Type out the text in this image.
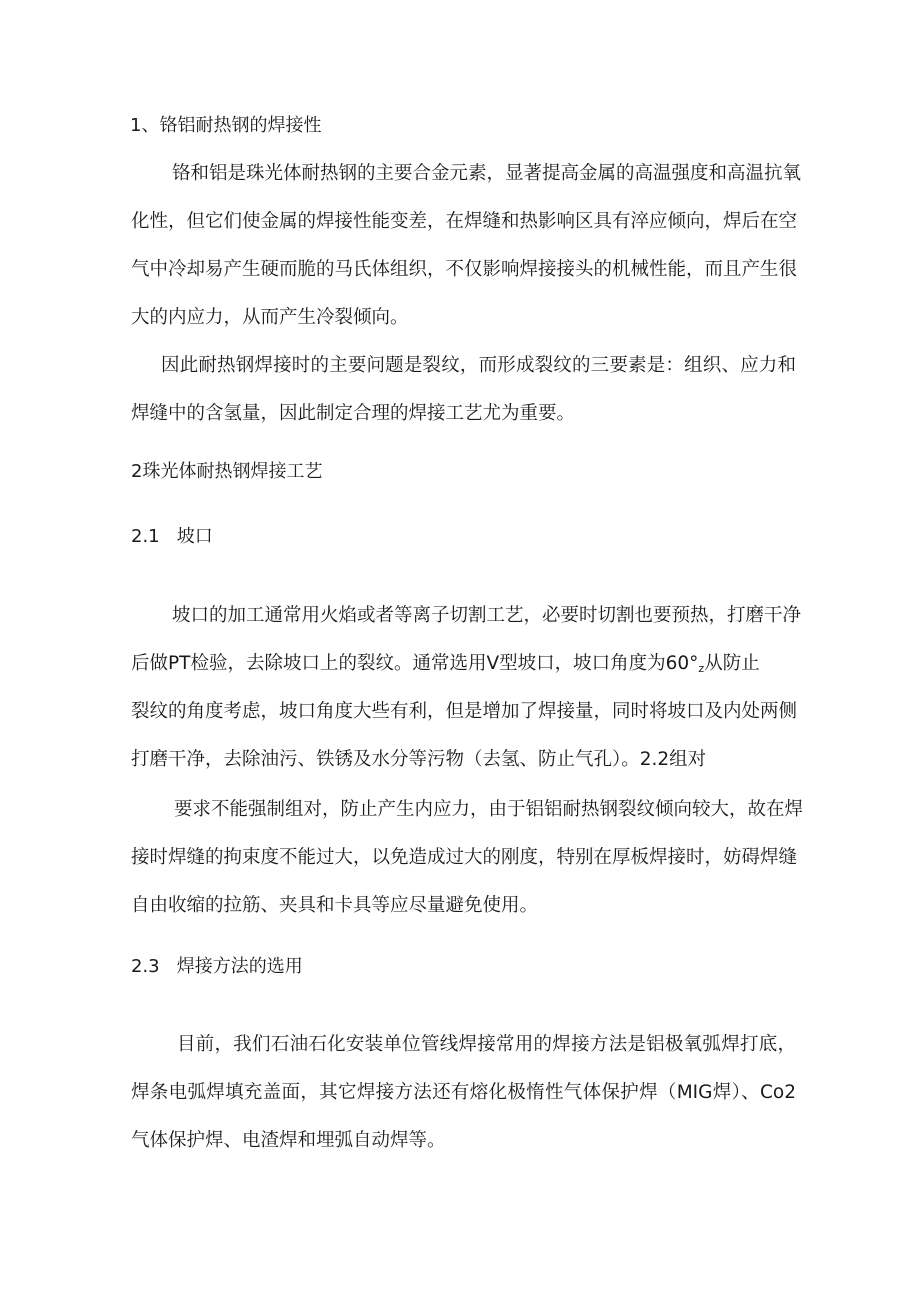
1、铬铝耐热钢的焊接性
铬和铝是珠光体耐热钢的主要合金元素，显著提高金属的高温强度和高温抗氧
化性，但它们使金属的焊接性能变差，在焊缝和热影响区具有淬应倾向，焊后在空
气中冷却易产生硬而脆的马氏体组织，不仅影响焊接接头的机械性能，而且产生很
大的内应力，从而产生冷裂倾向。
因此耐热钢焊接时的主要问题是裂纹，而形成裂纹的三要素是：组织、应力和
焊缝中的含氢量，因此制定合理的焊接工艺尤为重要。
2珠光体耐热钢焊接工艺
2.1   坡口
坡口的加工通常用火焰或者等离子切割工艺，必要时切割也要预热，打磨干净
后做PT检验，去除坡口上的裂纹。通常选用V型坡口，坡口角度为$60^\circ_z$从防止
裂纹的角度考虑，坡口角度大些有利，但是增加了焊接量，同时将坡口及内处两侧
打磨干净，去除油污、铁锈及水分等污物（去氢、防止气孔）。2.2组对
要求不能强制组对，防止产生内应力，由于铝铝耐热钢裂纹倾向较大，故在焊
接时焊缝的拘束度不能过大，以免造成过大的刚度，特别在厚板焊接时，妨碍焊缝
自由收缩的拉筋、夹具和卡具等应尽量避免使用。
2.3   焊接方法的选用
目前，我们石油石化安装单位管线焊接常用的焊接方法是铝极氧弧焊打底，
焊条电弧焊填充盖面，其它焊接方法还有熔化极惰性气体保护焊（MIG焊）、Co2
气体保护焊、电渣焊和埋弧自动焊等。
